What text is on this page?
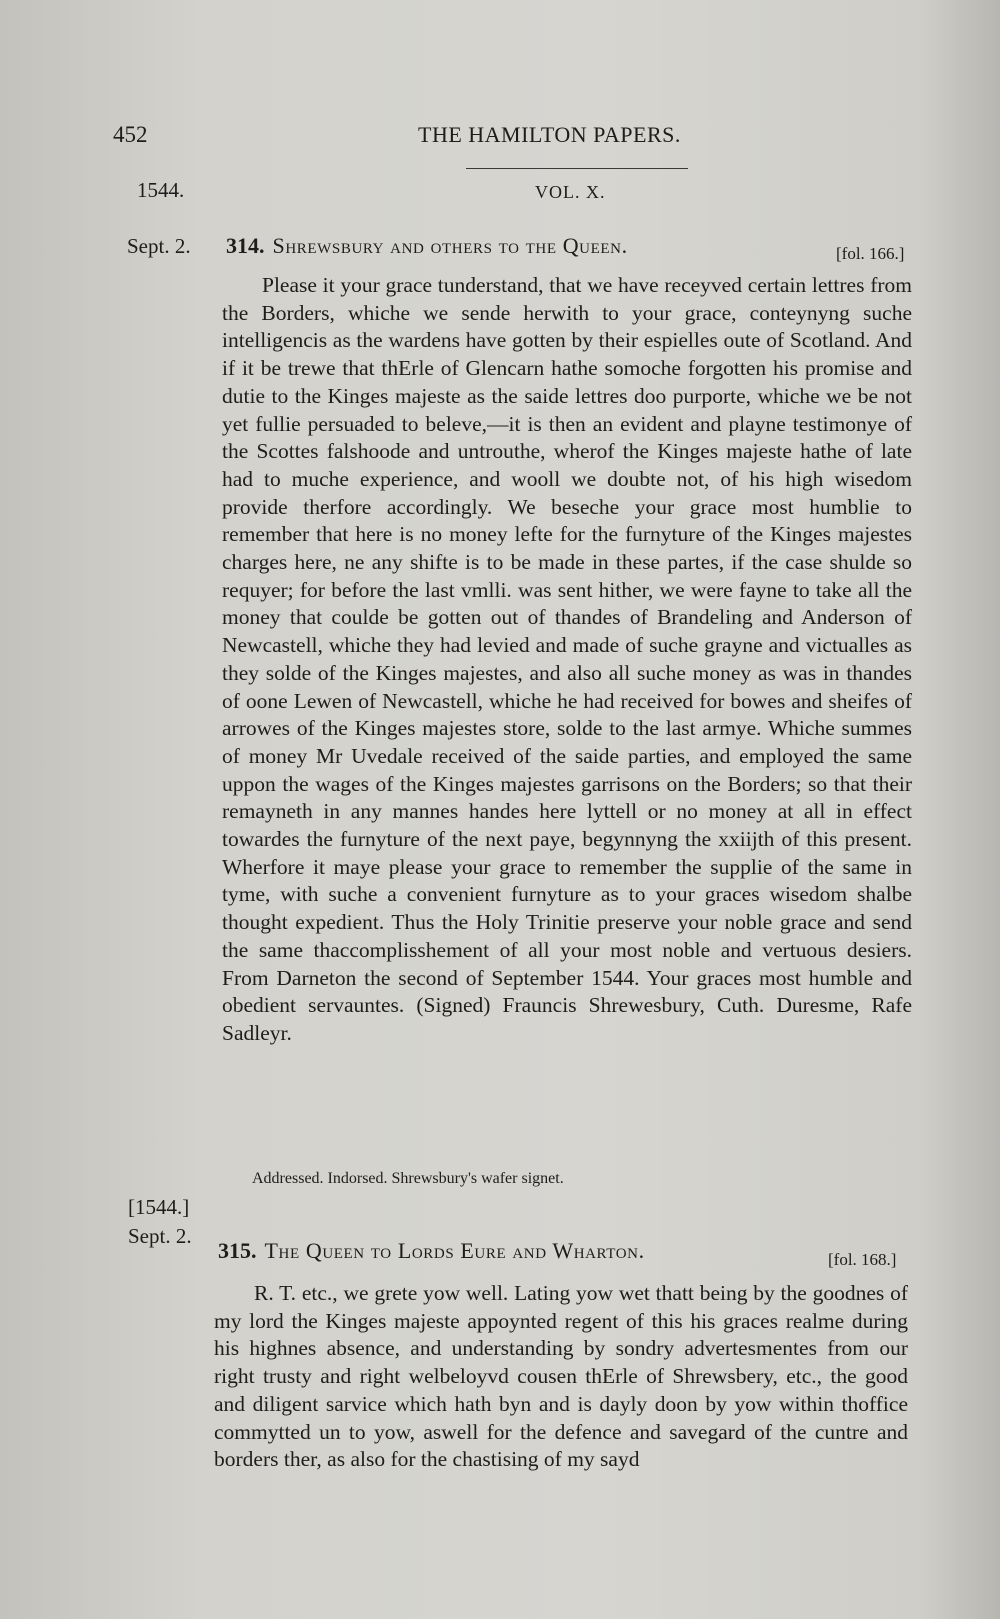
452	THE HAMILTON PAPERS.
1544.	VOL. X.
Sept. 2. 314. Shrewsbury and others to the Queen.	[fol. 166.]
Please it your grace tunderstand, that we have receyved certain lettres from the Borders, whiche we sende herwith to your grace, conteynyng suche intelligencis as the wardens have gotten by their espielles oute of Scotland. And if it be trewe that thErle of Glencarn hathe somoche forgotten his promise and dutie to the Kinges majeste as the saide lettres doo purporte, whiche we be not yet fullie persuaded to beleve,—it is then an evident and playne testimonye of the Scottes falshoode and untrouthe, wherof the Kinges majeste hathe of late had to muche experience, and wooll we doubte not, of his high wisedom provide therfore accordingly. We beseche your grace most humblie to remember that here is no money lefte for the furnyture of the Kinges majestes charges here, ne any shifte is to be made in these partes, if the case shulde so requyer; for before the last vmlli. was sent hither, we were fayne to take all the money that coulde be gotten out of thandes of Brandeling and Anderson of Newcastell, whiche they had levied and made of suche grayne and victualles as they solde of the Kinges majestes, and also all suche money as was in thandes of oone Lewen of Newcastell, whiche he had received for bowes and sheifes of arrowes of the Kinges majestes store, solde to the last armye. Whiche summes of money Mr Uvedale received of the saide parties, and employed the same uppon the wages of the Kinges majestes garrisons on the Borders; so that their remayneth in any mannes handes here lyttell or no money at all in effect towardes the furnyture of the next paye, begynnyng the xxiijth of this present. Wherfore it maye please your grace to remember the supplie of the same in tyme, with suche a convenient furnyture as to your graces wisedom shalbe thought expedient. Thus the Holy Trinitie preserve your noble grace and send the same thaccomplisshement of all your most noble and vertuous desiers. From Darneton the second of September 1544. Your graces most humble and obedient servauntes. (Signed) Frauncis Shrewesbury, Cuth. Duresme, Rafe Sadleyr.
Addressed. Indorsed. Shrewsbury's wafer signet.
[1544.]
Sept. 2.
315. The Queen to Lords Eure and Wharton.	[fol. 168.]
R. T. etc., we grete yow well. Lating yow wet thatt being by the goodnes of my lord the Kinges majeste appoynted regent of this his graces realme during his highnes absence, and understanding by sondry advertesmentes from our right trusty and right welbeloyvd cousen thErle of Shrewsbery, etc., the good and diligent sarvice which hath byn and is dayly doon by yow within thoffice commytted un to yow, aswell for the defence and savegard of the cuntre and borders ther, as also for the chastising of my sayd
